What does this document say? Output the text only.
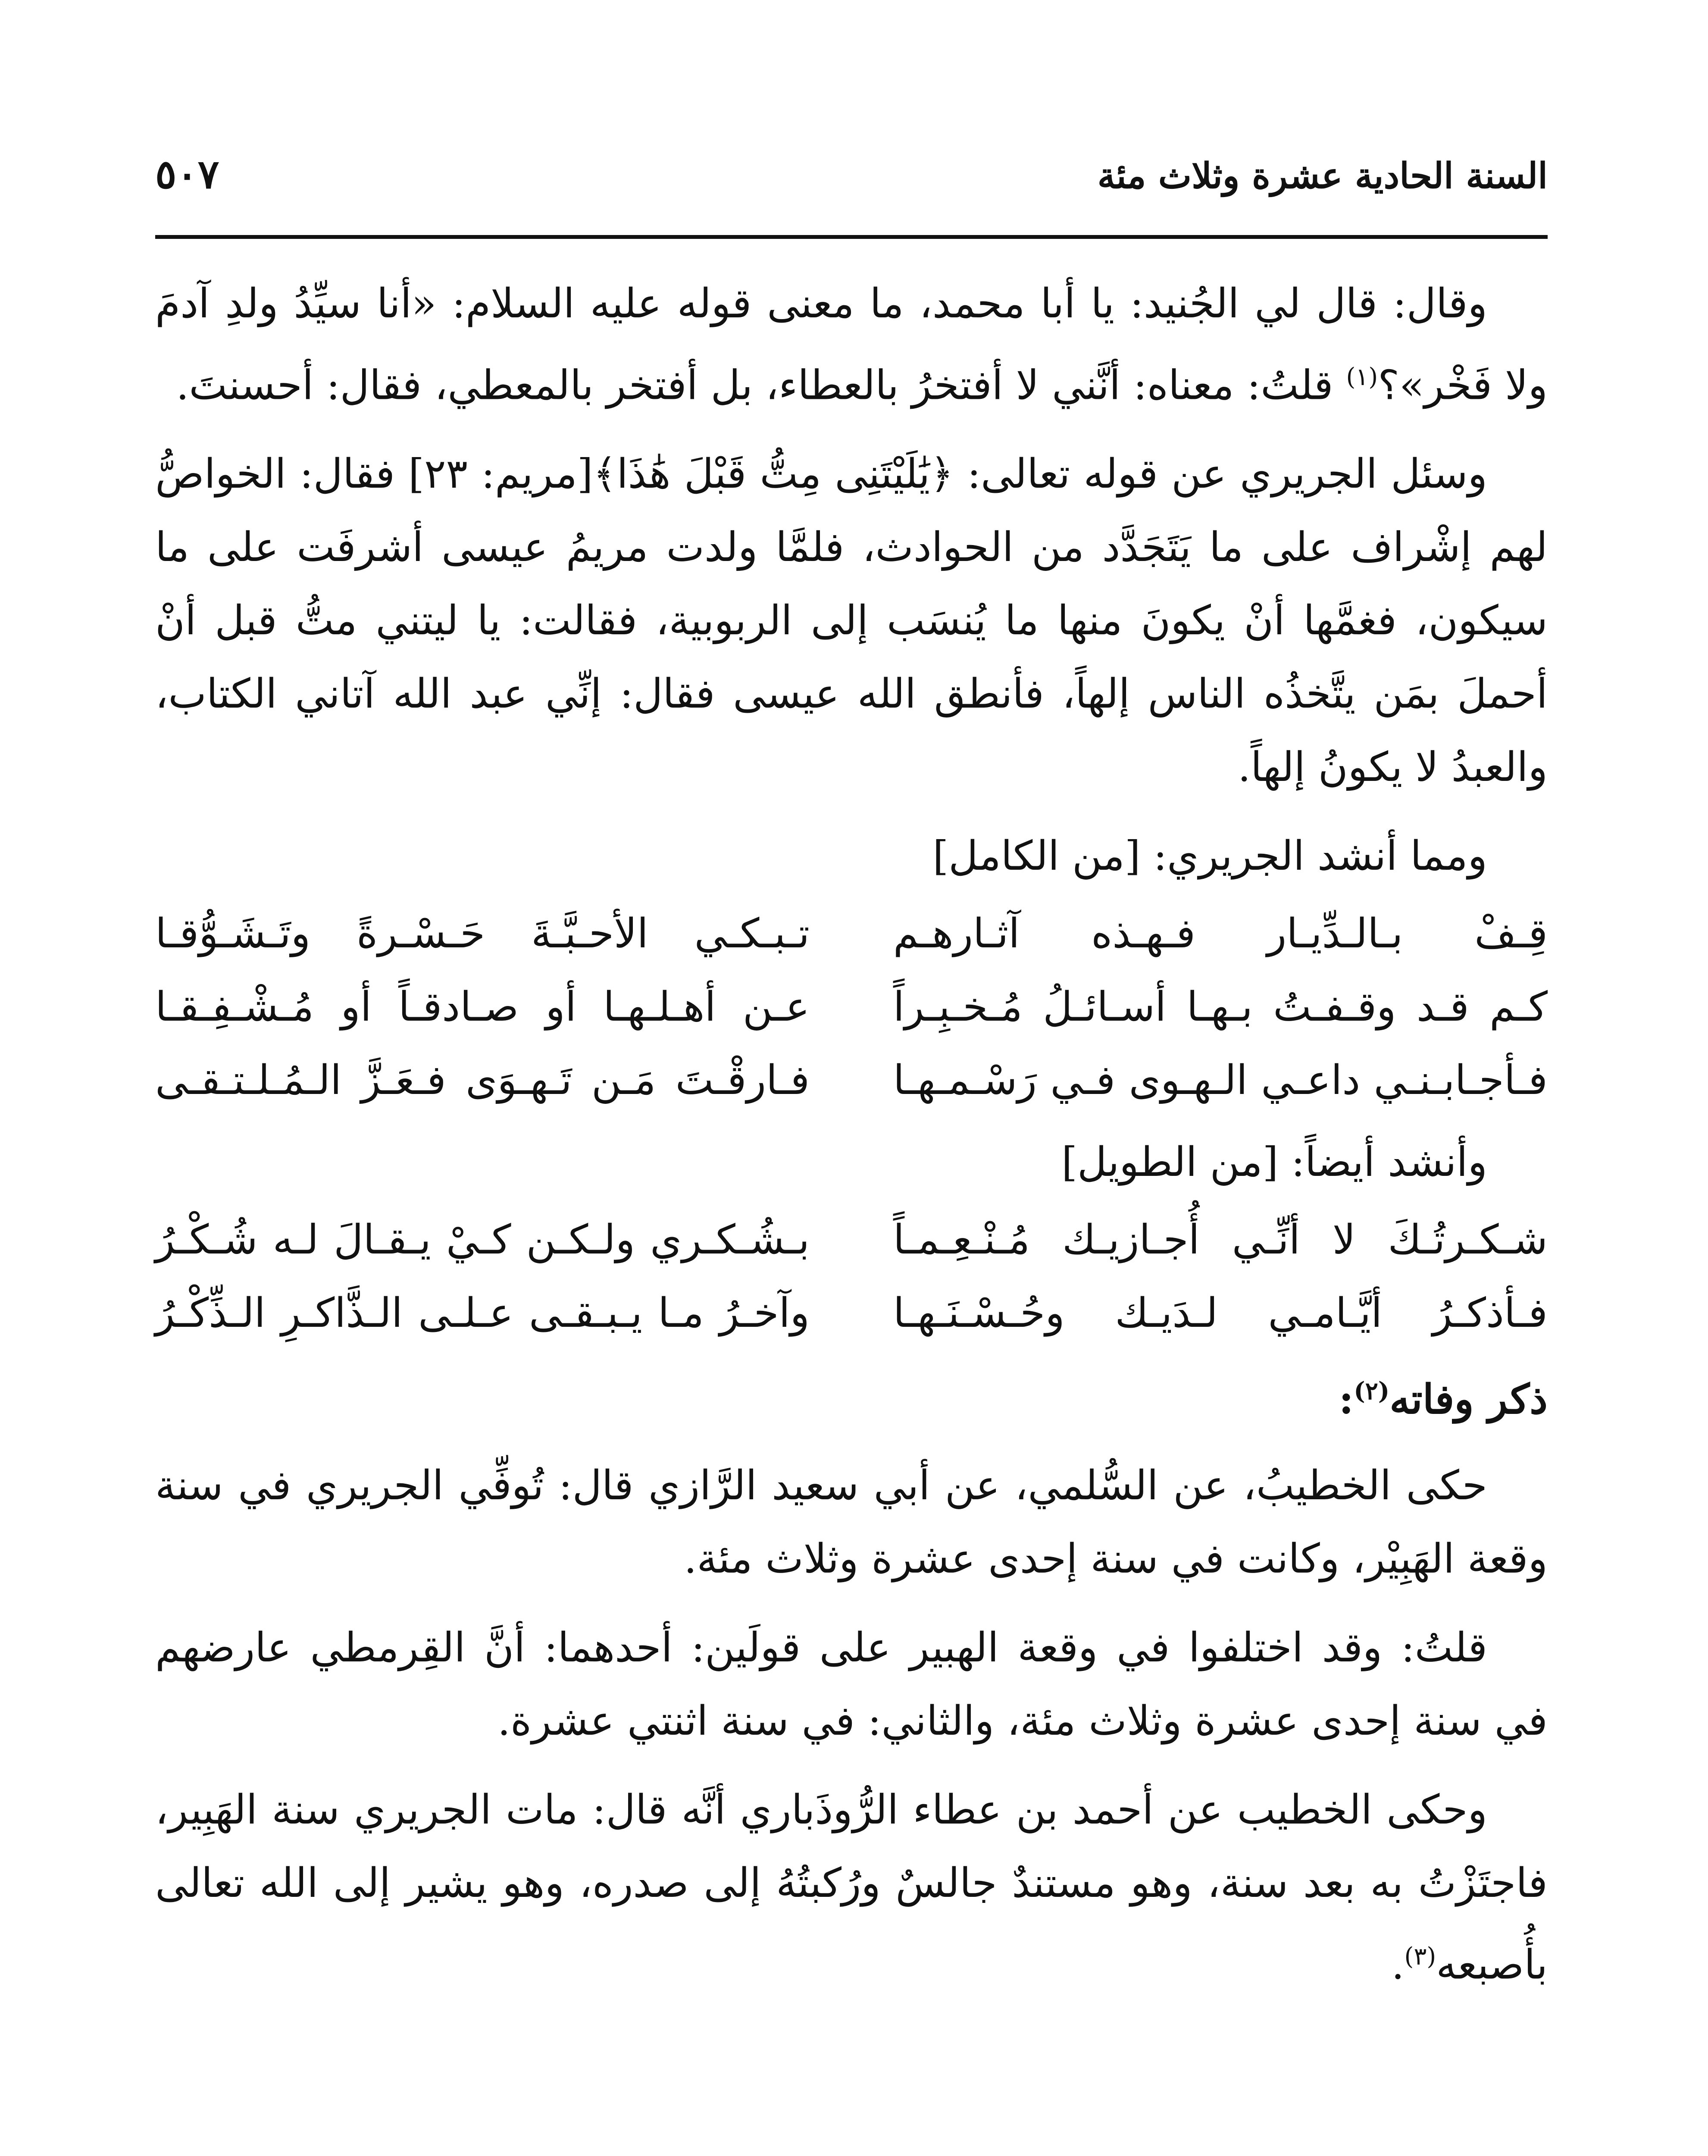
السنة الحادية عشرة وثلاث مئة
٥٠٧

وقال: قال لي الجُنيد: يا أبا محمد، ما معنى قوله عليه السلام: «أنا سيِّدُ ولدِ آدمَ ولا فَخْر»؟$^{(١)}$ قلتُ: معناه: أنَّني لا أفتخرُ بالعطاء، بل أفتخر بالمعطي، فقال: أحسنتَ.

وسئل الجريري عن قوله تعالى: ﴿يَٰلَيْتَنِى مِتُّ قَبْلَ هَٰذَا﴾[مريم: ٢٣] فقال: الخواصُّ لهم إشْراف على ما يَتَجَدَّد من الحوادث، فلمَّا ولدت مريمُ عيسى أشرفَت على ما سيكون، فغمَّها أنْ يكونَ منها ما يُنسَب إلى الربوبية، فقالت: يا ليتني متُّ قبل أنْ أحملَ بمَن يتَّخذُه الناس إلهاً، فأنطق الله عيسى فقال: إنِّي عبد الله آتاني الكتاب، والعبدُ لا يكونُ إلهاً.

ومما أنشد الجريري: [من الكامل]

قِـفْ بـالـدِّيـار فـهـذه آثـارهـم
تـبـكـي الأحـبَّـةَ حَـسْـرةً وتَـشَـوُّقـا
كـم قـد وقـفـتُ بـهـا أسـائـلُ مُـخـبِـراً
عـن أهـلـهـا أو صـادقـاً أو مُـشْـفِـقـا
فـأجـابـنـي داعـي الـهـوى فـي رَسْـمـهـا
فـارقْـتَ مَـن تَـهـوَى فـعَـزَّ الـمُـلـتـقـى

وأنشد أيضاً: [من الطويل]

شـكـرتُـكَ لا أنِّـي أُجـازيـك مُـنْـعِـمـاً
بـشُـكـري ولـكـن كـيْ يـقـالَ لـه شُـكْـرُ
فـأذكـرُ أيَّـامـي لـدَيـك وحُـسْـنَـهـا
وآخـرُ مـا يـبـقـى عـلـى الـذَّاكـرِ الـذِّكْـرُ
ذكر وفاته$^{(٢)}$:

حكى الخطيبُ، عن السُّلمي، عن أبي سعيد الرَّازي قال: تُوفِّي الجريري في سنة وقعة الهَبِيْر، وكانت في سنة إحدى عشرة وثلاث مئة.

قلتُ: وقد اختلفوا في وقعة الهبير على قولَين: أحدهما: أنَّ القِرمطي عارضهم في سنة إحدى عشرة وثلاث مئة، والثاني: في سنة اثنتي عشرة.

وحكى الخطيب عن أحمد بن عطاء الرُّوذَباري أنَّه قال: مات الجريري سنة الهَبِير، فاجتَزْتُ به بعد سنة، وهو مستندٌ جالسٌ ورُكبتُهُ إلى صدره، وهو يشير إلى الله تعالى بأُصبعه$^{(٣)}$.
